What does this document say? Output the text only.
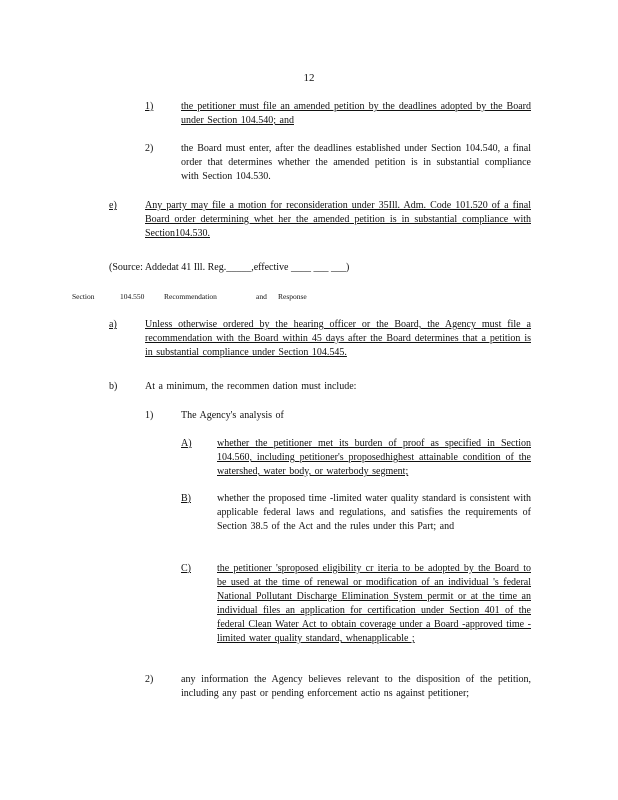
12
1)	the petitioner must file an amended petition by the deadlines adopted by the Board under Section 104.540; and
2)	the Board must enter, after the deadlines established under Section 104.540, a final order that determines whether the amended petition is in substantial compliance with Section 104.530.
e)	Any party may file a motion for reconsideration under 35Ill. Adm. Code 101.520 of a final Board order determining whet her the amended petition is in substantial compliance with Section104.530.
(Source: Addedat 41 Ill. Reg._____,effective ____ ___ ___)
Section	104.550	Recommendation	and Response
a)	Unless otherwise ordered by the hearing officer or the Board, the Agency must file a recommendation with the Board within 45 days after the Board determines that a petition is in substantial compliance under Section 104.545.
b)	At a minimum, the recommen dation must include:
1)	The Agency's analysis of
A)	whether the petitioner met its burden of proof as specified in Section 104.560, including petitioner's proposedhighest attainable condition of the watershed, water body, or waterbody segment;
B)	whether the proposed time -limited water quality standard is consistent with applicable federal laws and regulations, and satisfies the requirements of Section 38.5 of the Act and the rules under this Part; and
C)	the petitioner 'sproposed eligibility cr iteria to be adopted by the Board to be used at the time of renewal or modification of an individual 's federal National Pollutant Discharge Elimination System permit or at the time an individual files an application for certification under Section 401 of the federal Clean Water Act to obtain coverage under a Board -approved time -limited water quality standard, whenapplicable ;
2)	any information the Agency believes relevant to the disposition of the petition, including any past or pending enforcement actio ns against petitioner;
